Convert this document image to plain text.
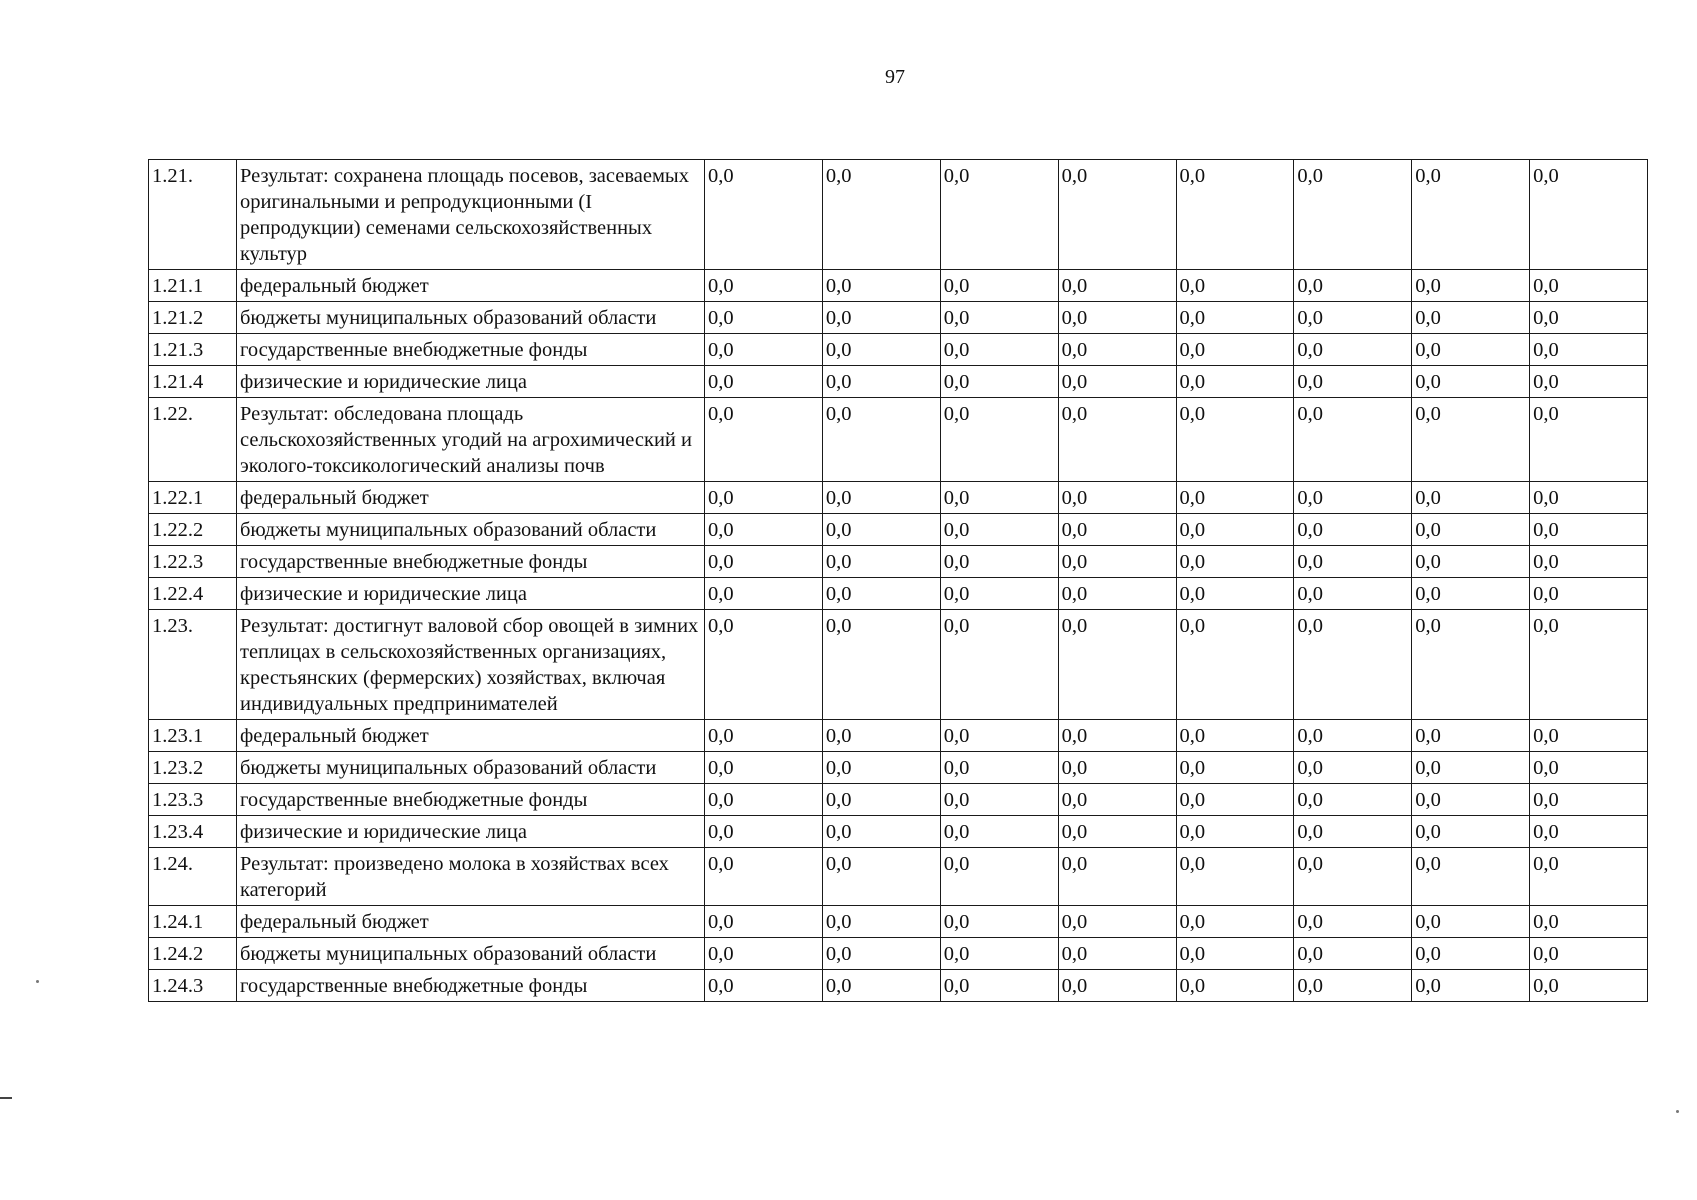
97
1.21.	Результат: сохранена площадь посевов, засеваемых оригинальными и репродукционными (I репродукции) семенами сельскохозяйственных культур	0,0	0,0	0,0	0,0	0,0	0,0	0,0	0,0
1.21.1	федеральный бюджет	0,0	0,0	0,0	0,0	0,0	0,0	0,0	0,0
1.21.2	бюджеты муниципальных образований области	0,0	0,0	0,0	0,0	0,0	0,0	0,0	0,0
1.21.3	государственные внебюджетные фонды	0,0	0,0	0,0	0,0	0,0	0,0	0,0	0,0
1.21.4	физические и юридические лица	0,0	0,0	0,0	0,0	0,0	0,0	0,0	0,0
1.22.	Результат: обследована площадь сельскохозяйственных угодий на агрохимический и эколого-токсикологический анализы почв	0,0	0,0	0,0	0,0	0,0	0,0	0,0	0,0
1.22.1	федеральный бюджет	0,0	0,0	0,0	0,0	0,0	0,0	0,0	0,0
1.22.2	бюджеты муниципальных образований области	0,0	0,0	0,0	0,0	0,0	0,0	0,0	0,0
1.22.3	государственные внебюджетные фонды	0,0	0,0	0,0	0,0	0,0	0,0	0,0	0,0
1.22.4	физические и юридические лица	0,0	0,0	0,0	0,0	0,0	0,0	0,0	0,0
1.23.	Результат: достигнут валовой сбор овощей в зимних теплицах в сельскохозяйственных организациях, крестьянских (фермерских) хозяйствах, включая индивидуальных предпринимателей	0,0	0,0	0,0	0,0	0,0	0,0	0,0	0,0
1.23.1	федеральный бюджет	0,0	0,0	0,0	0,0	0,0	0,0	0,0	0,0
1.23.2	бюджеты муниципальных образований области	0,0	0,0	0,0	0,0	0,0	0,0	0,0	0,0
1.23.3	государственные внебюджетные фонды	0,0	0,0	0,0	0,0	0,0	0,0	0,0	0,0
1.23.4	физические и юридические лица	0,0	0,0	0,0	0,0	0,0	0,0	0,0	0,0
1.24.	Результат: произведено молока в хозяйствах всех категорий	0,0	0,0	0,0	0,0	0,0	0,0	0,0	0,0
1.24.1	федеральный бюджет	0,0	0,0	0,0	0,0	0,0	0,0	0,0	0,0
1.24.2	бюджеты муниципальных образований области	0,0	0,0	0,0	0,0	0,0	0,0	0,0	0,0
1.24.3	государственные внебюджетные фонды	0,0	0,0	0,0	0,0	0,0	0,0	0,0	0,0
